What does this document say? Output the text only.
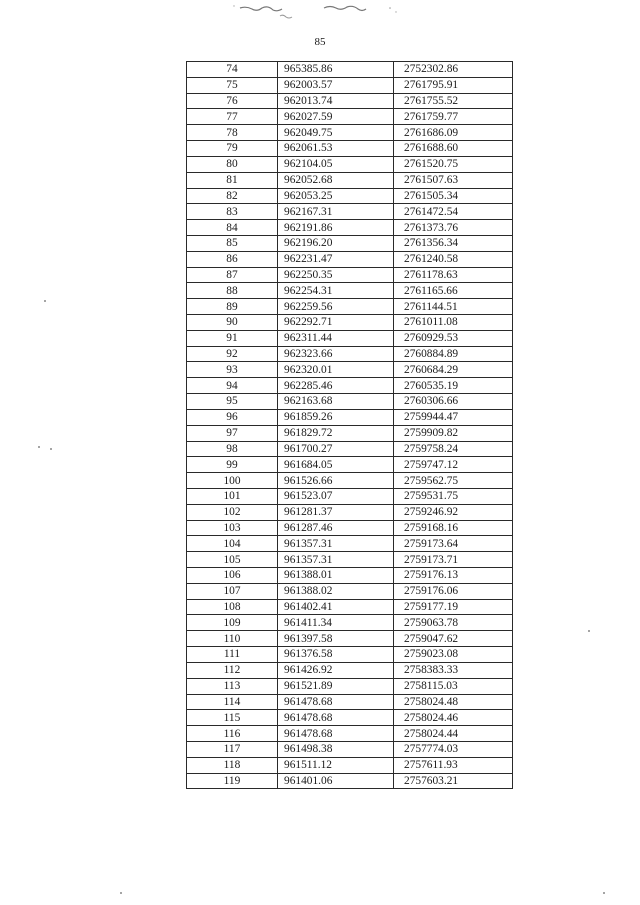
85
74	965385.86	2752302.86
75	962003.57	2761795.91
76	962013.74	2761755.52
77	962027.59	2761759.77
78	962049.75	2761686.09
79	962061.53	2761688.60
80	962104.05	2761520.75
81	962052.68	2761507.63
82	962053.25	2761505.34
83	962167.31	2761472.54
84	962191.86	2761373.76
85	962196.20	2761356.34
86	962231.47	2761240.58
87	962250.35	2761178.63
88	962254.31	2761165.66
89	962259.56	2761144.51
90	962292.71	2761011.08
91	962311.44	2760929.53
92	962323.66	2760884.89
93	962320.01	2760684.29
94	962285.46	2760535.19
95	962163.68	2760306.66
96	961859.26	2759944.47
97	961829.72	2759909.82
98	961700.27	2759758.24
99	961684.05	2759747.12
100	961526.66	2759562.75
101	961523.07	2759531.75
102	961281.37	2759246.92
103	961287.46	2759168.16
104	961357.31	2759173.64
105	961357.31	2759173.71
106	961388.01	2759176.13
107	961388.02	2759176.06
108	961402.41	2759177.19
109	961411.34	2759063.78
110	961397.58	2759047.62
111	961376.58	2759023.08
112	961426.92	2758383.33
113	961521.89	2758115.03
114	961478.68	2758024.48
115	961478.68	2758024.46
116	961478.68	2758024.44
117	961498.38	2757774.03
118	961511.12	2757611.93
119	961401.06	2757603.21
